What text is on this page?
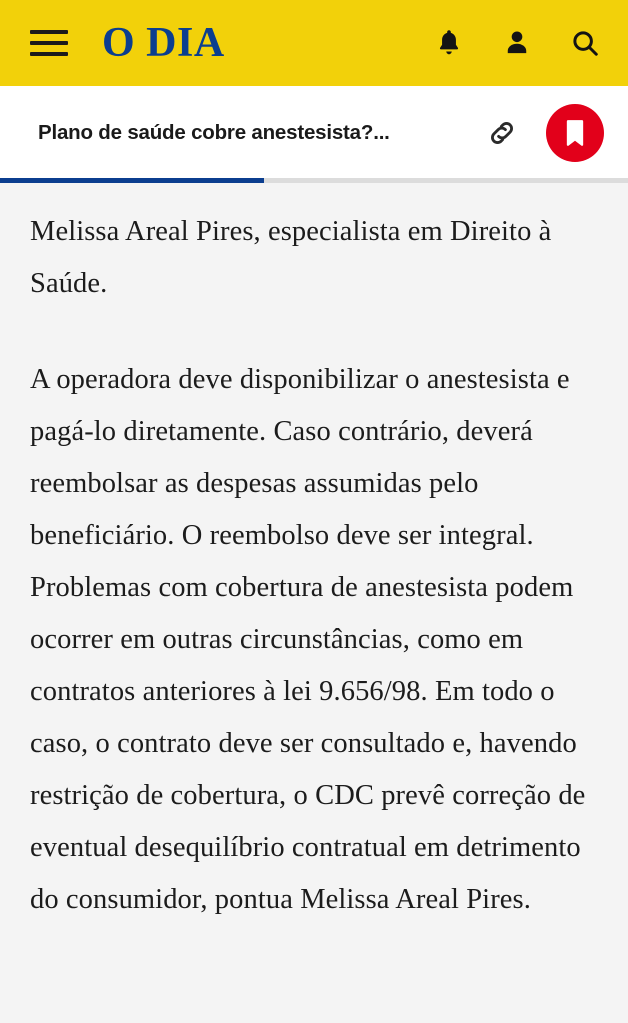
O DIA
Plano de saúde cobre anestesista?...

Melissa Areal Pires, especialista em Direito à Saúde.

A operadora deve disponibilizar o anestesista e pagá-lo diretamente. Caso contrário, deverá reembolsar as despesas assumidas pelo beneficiário. O reembolso deve ser integral. Problemas com cobertura de anestesista podem ocorrer em outras circunstâncias, como em contratos anteriores à lei 9.656/98. Em todo o caso, o contrato deve ser consultado e, havendo restrição de cobertura, o CDC prevê correção de eventual desequilíbrio contratual em detrimento do consumidor, pontua Melissa Areal Pires.
